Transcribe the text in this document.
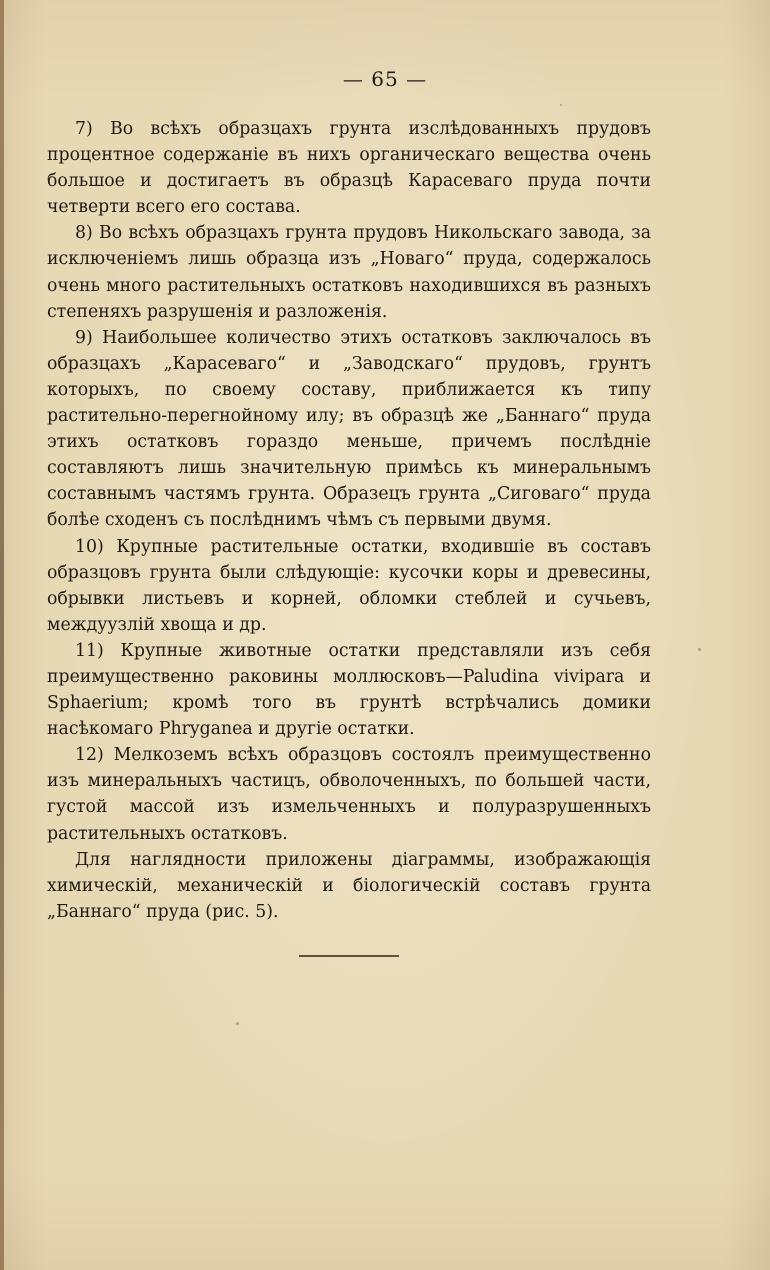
— 65 —

7) Во всѣхъ образцахъ грунта изслѣдованныхъ прудовъ процентное содержаніе въ нихъ органическаго вещества очень большое и достигаетъ въ образцѣ Карасеваго пруда почти четверти всего его состава.

8) Во всѣхъ образцахъ грунта прудовъ Никольскаго завода, за исключеніемъ лишь образца изъ „Новаго“ пруда, содержалось очень много растительныхъ остатковъ находившихся въ разныхъ степеняхъ разрушенія и разложенія.

9) Наибольшее количество этихъ остатковъ заключалось въ образцахъ „Карасеваго“ и „Заводскаго“ прудовъ, грунтъ которыхъ, по своему составу, приближается къ типу растительно-перегнойному илу; въ образцѣ же „Баннаго“ пруда этихъ остатковъ гораздо меньше, причемъ послѣдніе составляютъ лишь значительную примѣсь къ минеральнымъ составнымъ частямъ грунта. Образецъ грунта „Сиговаго“ пруда болѣе сходенъ съ послѣднимъ чѣмъ съ первыми двумя.

10) Крупные растительные остатки, входившіе въ составъ образцовъ грунта были слѣдующіе: кусочки коры и древесины, обрывки листьевъ и корней, обломки стеблей и сучьевъ, междуузлій хвоща и др.

11) Крупные животные остатки представляли изъ себя преимущественно раковины моллюсковъ—Paludina vivipara и Sphaerium; кромѣ того въ грунтѣ встрѣчались домики насѣкомаго Phryganea и другіе остатки.

12) Мелкоземъ всѣхъ образцовъ состоялъ преимущественно изъ минеральныхъ частицъ, обволоченныхъ, по большей части, густой массой изъ измельченныхъ и полуразрушенныхъ растительныхъ остатковъ.

Для наглядности приложены діаграммы, изображающія химическій, механическій и біологическій составъ грунта „Баннаго“ пруда (рис. 5).
